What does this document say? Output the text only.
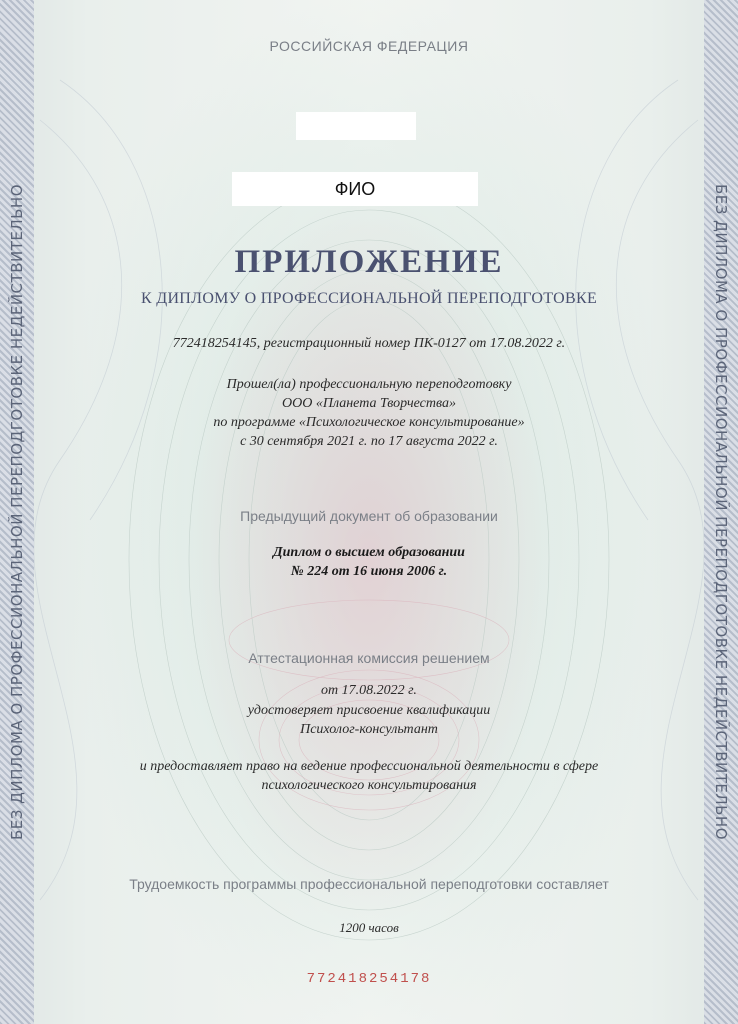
БЕЗ ДИПЛОМА О ПРОФЕССИОНАЛЬНОЙ ПЕРЕПОДГОТОВКЕ НЕДЕЙСТВИТЕЛЬНО	БЕЗ ДИПЛОМА О ПРОФЕССИОНАЛЬНОЙ ПЕРЕПОДГОТОВКЕ НЕДЕЙСТВИТЕЛЬНО
РОССИЙСКАЯ ФЕДЕРАЦИЯ
ФИО
ПРИЛОЖЕНИЕ
К ДИПЛОМУ О ПРОФЕССИОНАЛЬНОЙ ПЕРЕПОДГОТОВКЕ
772418254145, регистрационный номер ПК-0127 от 17.08.2022 г.
Прошел(ла) профессиональную переподготовку
ООО «Планета Творчества»
по программе «Психологическое консультирование»
с 30 сентября 2021 г. по 17 августа 2022 г.
Предыдущий документ об образовании
Диплом о высшем образовании
№ 224 от 16 июня 2006 г.
Аттестационная комиссия решением
от 17.08.2022 г.
удостоверяет присвоение квалификации
Психолог-консультант
и предоставляет право на ведение профессиональной деятельности в сфере
психологического консультирования
Трудоемкость программы профессиональной переподготовки составляет
1200 часов
772418254178
